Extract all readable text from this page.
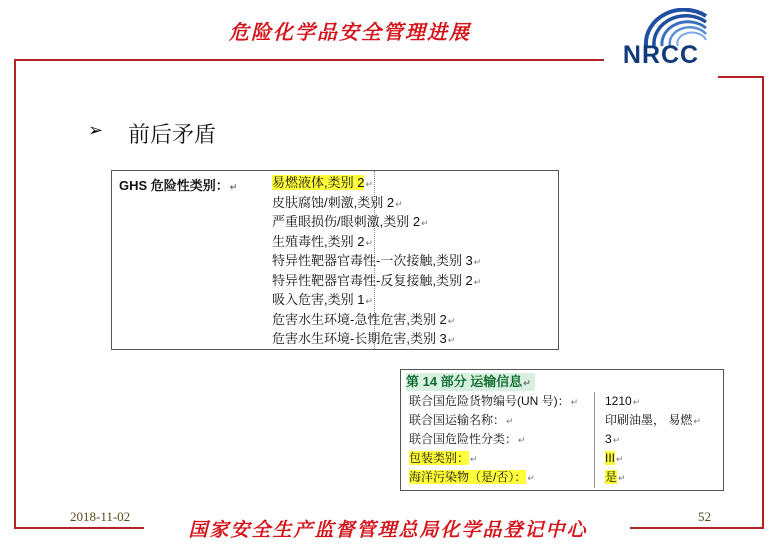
危险化学品安全管理进展
NRCC
➢ 前后矛盾
GHS 危险性类别：↵	易燃液体,类别 2↵
皮肤腐蚀/刺激,类别 2↵
严重眼损伤/眼刺激,类别 2↵
生殖毒性,类别 2↵
特异性靶器官毒性-一次接触,类别 3↵
特异性靶器官毒性-反复接触,类别 2↵
吸入危害,类别 1↵
危害水生环境-急性危害,类别 2↵
危害水生环境-长期危害,类别 3↵
第 14 部分 运输信息↵
联合国危险货物编号(UN 号)：↵ 1210↵
联合国运输名称：↵	印刷油墨， 易燃↵
联合国危险性分类：↵	3↵
包装类别：↵	III↵
海洋污染物（是/否）：↵	是↵
2018-11-02
国家安全生产监督管理总局化学品登记中心
52
